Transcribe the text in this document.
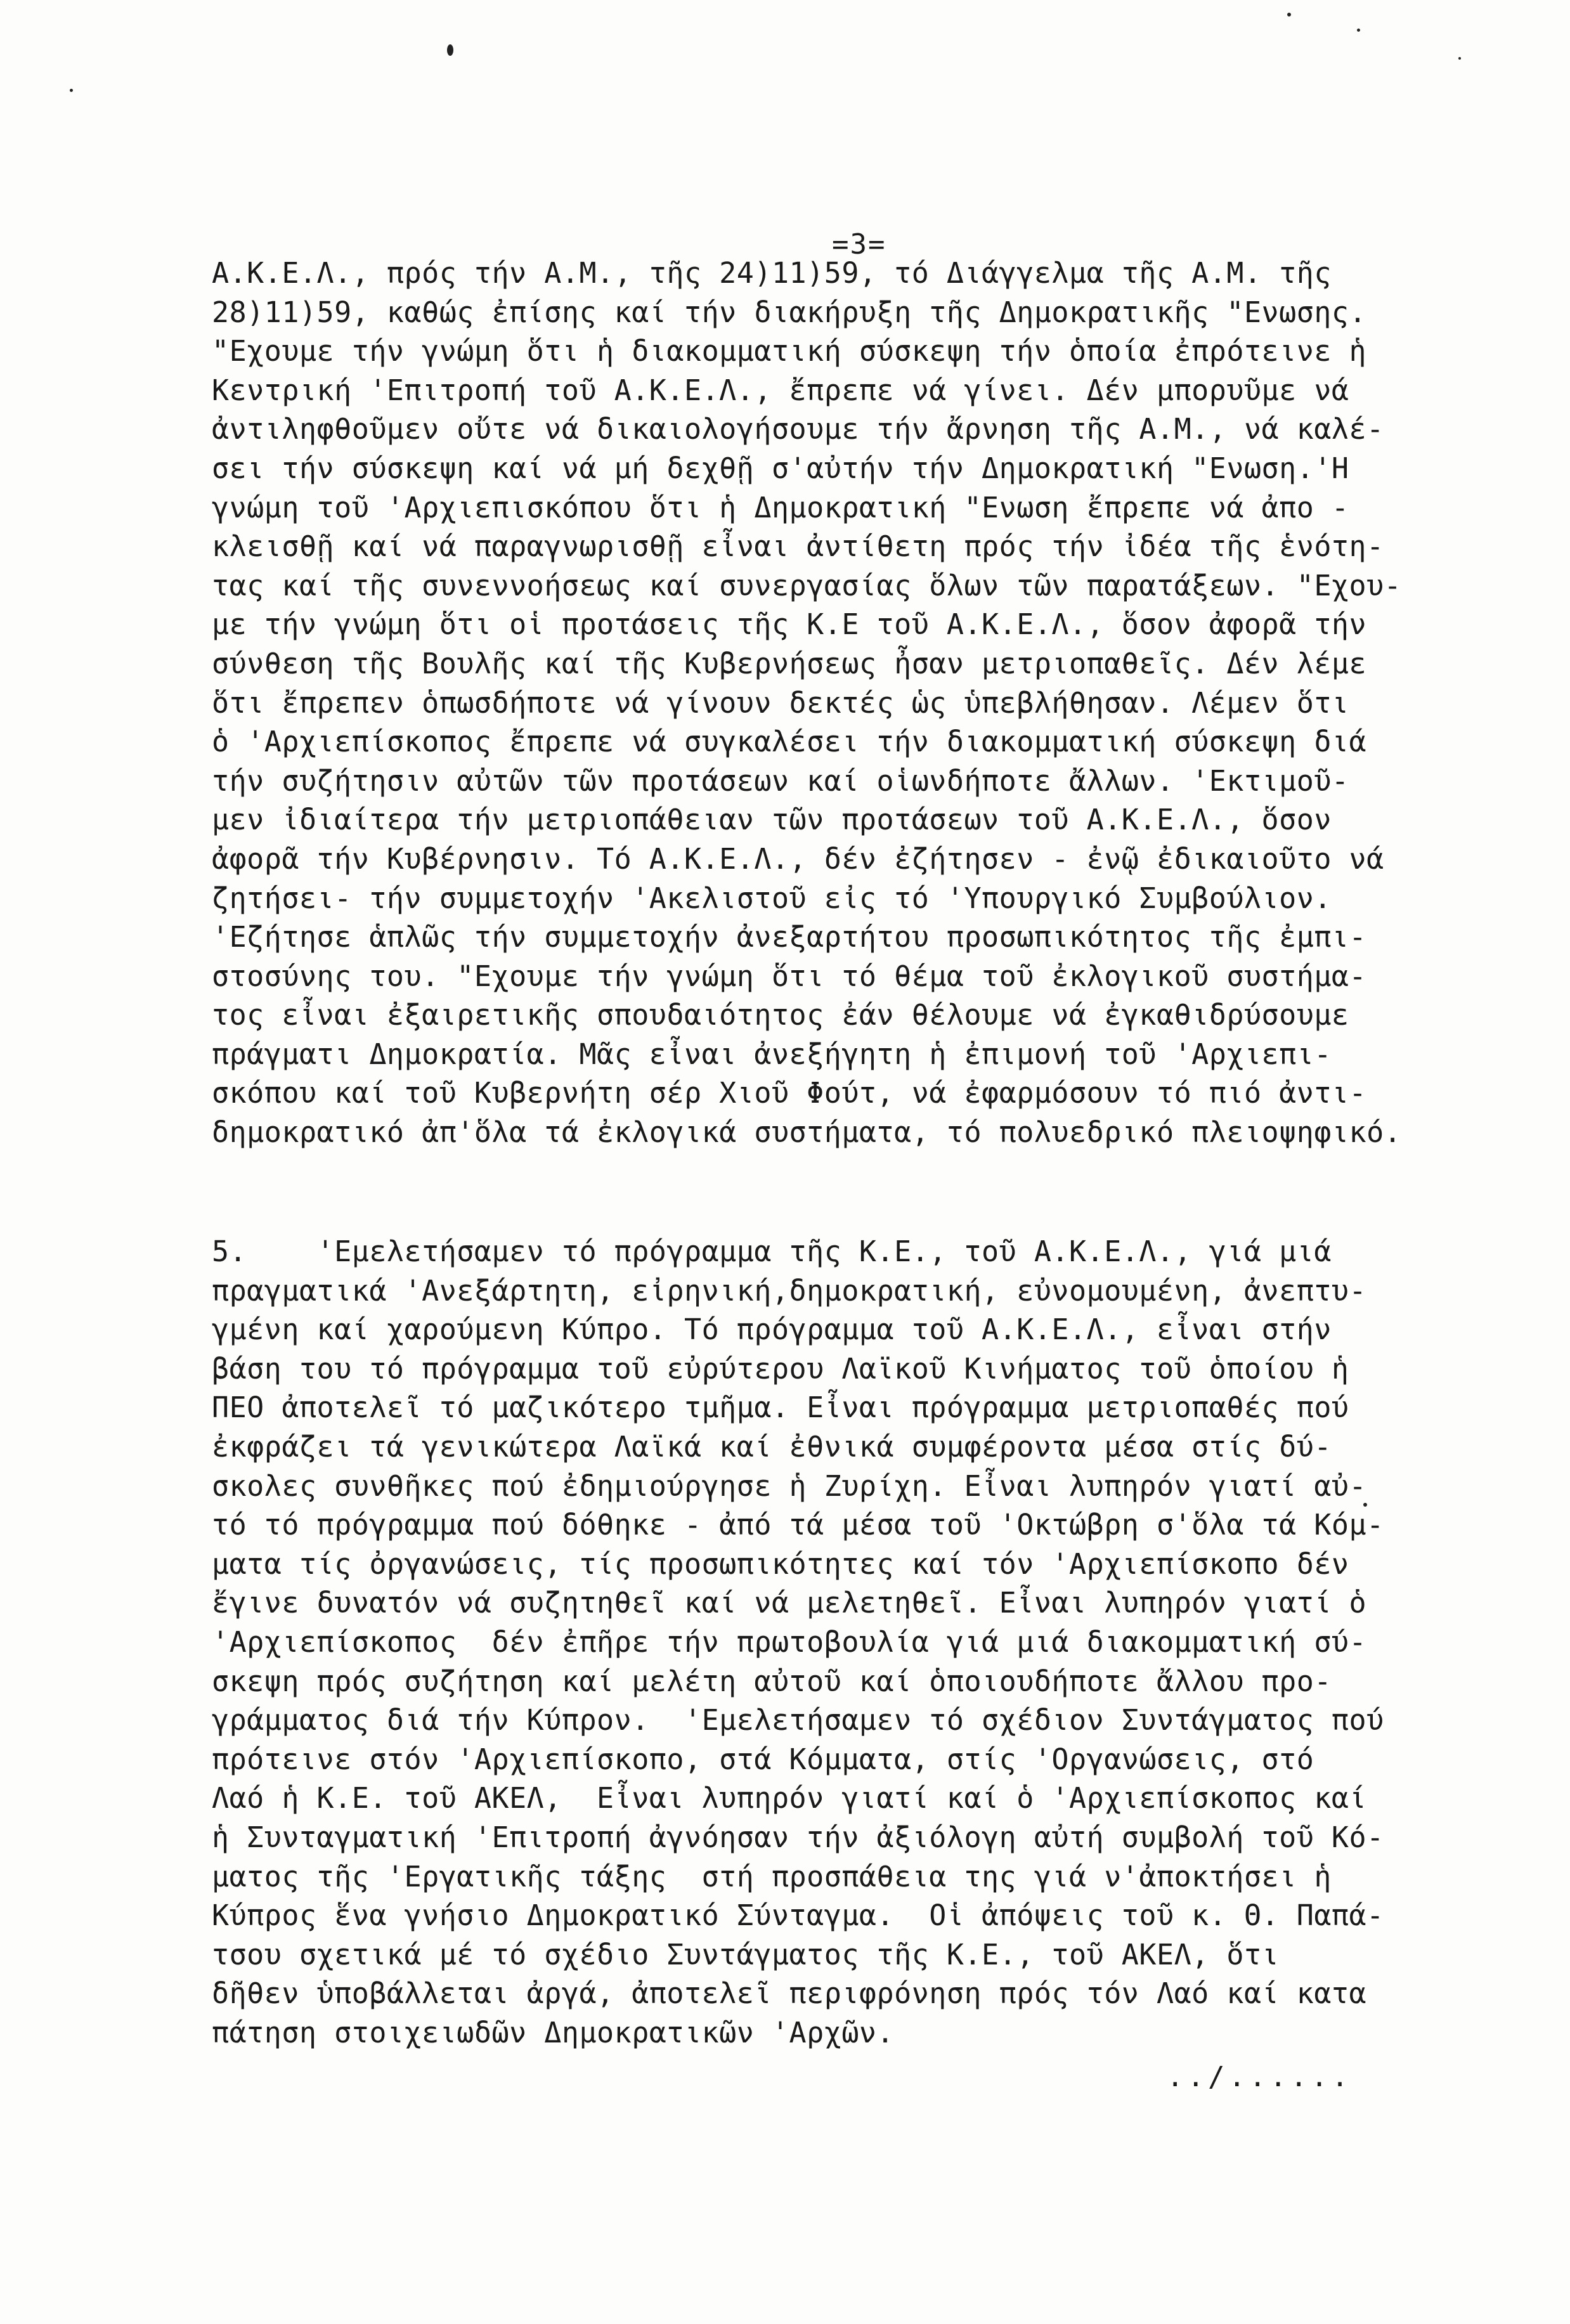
=3=
Α.Κ.Ε.Λ., πρός τήν Α.Μ., τῆς 24)11)59, τό Διάγγελμα τῆς Α.Μ. τῆς
28)11)59, καθώς ἐπίσης καί τήν διακήρυξη τῆς Δημοκρατικῆς "Ενωσης.
"Εχουμε τήν γνώμη ὅτι ἡ διακομματική σύσκεψη τήν ὁποία ἐπρότεινε ἡ
Κεντρική 'Επιτροπή τοῦ Α.Κ.Ε.Λ., ἔπρεπε νά γίνει. Δέν μπορυῦμε νά
ἀντιληφθοῦμεν οὔτε νά δικαιολογήσουμε τήν ἄρνηση τῆς Α.Μ., νά καλέ-
σει τήν σύσκεψη καί νά μή δεχθῇ σ'αὐτήν τήν Δημοκρατική "Ενωση.'Η
γνώμη τοῦ 'Αρχιεπισκόπου ὅτι ἡ Δημοκρατική "Ενωση ἔπρεπε νά ἀπο -
κλεισθῇ καί νά παραγνωρισθῇ εἶναι ἀντίθετη πρός τήν ἰδέα τῆς ἑνότη-
τας καί τῆς συνεννοήσεως καί συνεργασίας ὅλων τῶν παρατάξεων. "Εχου-
με τήν γνώμη ὅτι οἱ προτάσεις τῆς Κ.Ε τοῦ Α.Κ.Ε.Λ., ὅσον ἀφορᾶ τήν
σύνθεση τῆς Βουλῆς καί τῆς Κυβερνήσεως ἦσαν μετριοπαθεῖς. Δέν λέμε
ὅτι ἔπρεπεν ὁπωσδήποτε νά γίνουν δεκτές ὡς ὑπεβλήθησαν. Λέμεν ὅτι
ὁ 'Αρχιεπίσκοπος ἔπρεπε νά συγκαλέσει τήν διακομματική σύσκεψη διά
τήν συζήτησιν αὐτῶν τῶν προτάσεων καί οἱωνδήποτε ἄλλων. 'Εκτιμοῦ-
μεν ἰδιαίτερα τήν μετριοπάθειαν τῶν προτάσεων τοῦ Α.Κ.Ε.Λ., ὅσον
ἀφορᾶ τήν Κυβέρνησιν. Τό Α.Κ.Ε.Λ., δέν ἐζήτησεν - ἐνῷ ἐδικαιοῦτο νά
ζητήσει- τήν συμμετοχήν 'Ακελιστοῦ εἰς τό 'Υπουργικό Συμβούλιον.
'Εζήτησε ἁπλῶς τήν συμμετοχήν ἀνεξαρτήτου προσωπικότητος τῆς ἐμπι-
στοσύνης του. "Εχουμε τήν γνώμη ὅτι τό θέμα τοῦ ἐκλογικοῦ συστήμα-
τος εἶναι ἐξαιρετικῆς σπουδαιότητος ἐάν θέλουμε νά ἐγκαθιδρύσουμε
πράγματι Δημοκρατία. Μᾶς εἶναι ἀνεξήγητη ἡ ἐπιμονή τοῦ 'Αρχιεπι-
σκόπου καί τοῦ Κυβερνήτη σέρ Χιοῦ Φούτ, νά ἐφαρμόσουν τό πιό ἀντι-
δημοκρατικό ἀπ'ὅλα τά ἐκλογικά συστήματα, τό πολυεδρικό πλειοψηφικό.
5.    'Εμελετήσαμεν τό πρόγραμμα τῆς Κ.Ε., τοῦ Α.Κ.Ε.Λ., γιά μιά
πραγματικά 'Ανεξάρτητη, εἰρηνική,δημοκρατική, εὐνομουμένη, ἀνεπτυ-
γμένη καί χαρούμενη Κύπρο. Τό πρόγραμμα τοῦ Α.Κ.Ε.Λ., εἶναι στήν
βάση του τό πρόγραμμα τοῦ εὐρύτερου Λαϊκοῦ Κινήματος τοῦ ὁποίου ἡ
ΠΕΟ ἀποτελεῖ τό μαζικότερο τμῆμα. Εἶναι πρόγραμμα μετριοπαθές πού
ἐκφράζει τά γενικώτερα Λαϊκά καί ἐθνικά συμφέροντα μέσα στίς δύ-
σκολες συνθῆκες πού ἐδημιούργησε ἡ Ζυρίχη. Εἶναι λυπηρόν γιατί αὐ-
τό τό πρόγραμμα πού δόθηκε - ἀπό τά μέσα τοῦ 'Οκτώβρη σ'ὅλα τά Κόμ-
ματα τίς ὀργανώσεις, τίς προσωπικότητες καί τόν 'Αρχιεπίσκοπο δέν
ἔγινε δυνατόν νά συζητηθεῖ καί νά μελετηθεῖ. Εἶναι λυπηρόν γιατί ὁ
'Αρχιεπίσκοπος  δέν ἐπῆρε τήν πρωτοβουλία γιά μιά διακομματική σύ-
σκεψη πρός συζήτηση καί μελέτη αὐτοῦ καί ὁποιουδήποτε ἄλλου προ-
γράμματος διά τήν Κύπρον.  'Εμελετήσαμεν τό σχέδιον Συντάγματος πού
πρότεινε στόν 'Αρχιεπίσκοπο, στά Κόμματα, στίς 'Οργανώσεις, στό
Λαό ἡ Κ.Ε. τοῦ ΑΚΕΛ,  Εἶναι λυπηρόν γιατί καί ὁ 'Αρχιεπίσκοπος καί
ἡ Συνταγματική 'Επιτροπή ἀγνόησαν τήν ἀξιόλογη αὐτή συμβολή τοῦ Κό-
ματος τῆς 'Εργατικῆς τάξης  στή προσπάθεια της γιά ν'ἀποκτήσει ἡ
Κύπρος ἕνα γνήσιο Δημοκρατικό Σύνταγμα.  Οἱ ἀπόψεις τοῦ κ. Θ. Παπά-
τσου σχετικά μέ τό σχέδιο Συντάγματος τῆς Κ.Ε., τοῦ ΑΚΕΛ, ὅτι
δῆθεν ὑποβάλλεται ἀργά, ἀποτελεῖ περιφρόνηση πρός τόν Λαό καί κατα
πάτηση στοιχειωδῶν Δημοκρατικῶν 'Αρχῶν.
../......
